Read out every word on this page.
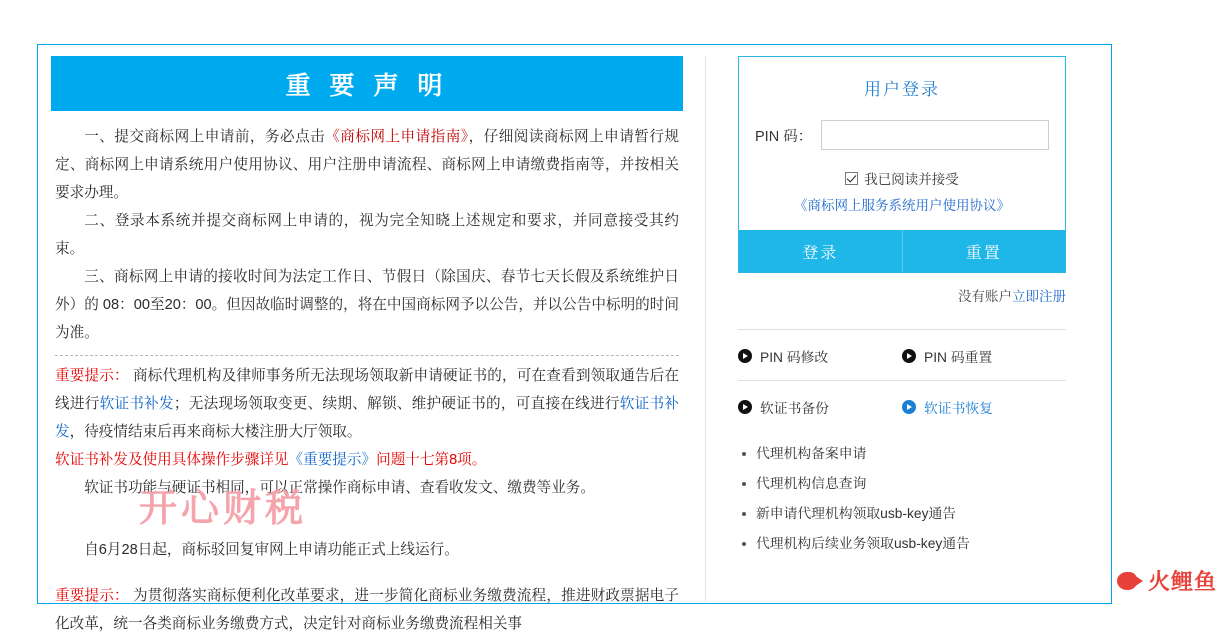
重 要 声 明

一、提交商标网上申请前，务必点击《商标网上申请指南》，仔细阅读商标网上申请暂行规定、商标网上申请系统用户使用协议、用户注册申请流程、商标网上申请缴费指南等，并按相关要求办理。

二、登录本系统并提交商标网上申请的，视为完全知晓上述规定和要求，并同意接受其约束。

三、商标网上申请的接收时间为法定工作日、节假日（除国庆、春节七天长假及系统维护日外）的 08：00至20：00。但因故临时调整的，将在中国商标网予以公告，并以公告中标明的时间为准。

重要提示： 商标代理机构及律师事务所无法现场领取新申请硬证书的，可在查看到领取通告后在线进行软证书补发；无法现场领取变更、续期、解锁、维护硬证书的，可直接在线进行软证书补发，待疫情结束后再来商标大楼注册大厅领取。

软证书补发及使用具体操作步骤详见《重要提示》问题十七第8项。

软证书功能与硬证书相同，可以正常操作商标申请、查看收发文、缴费等业务。

自6月28日起，商标驳回复审网上申请功能正式上线运行。

重要提示： 为贯彻落实商标便利化改革要求，进一步简化商标业务缴费流程，推进财政票据电子化改革，统一各类商标业务缴费方式，决定针对商标业务缴费流程相关事

开心财税
用户登录
PIN 码：
我已阅读并接受
《商标网上服务系统用户使用协议》
登录	重置
没有账户立即注册
PIN 码修改	PIN 码重置
软证书备份	软证书恢复
代理机构备案申请
代理机构信息查询
新申请代理机构领取usb-key通告
代理机构后续业务领取usb-key通告
火鲤鱼
